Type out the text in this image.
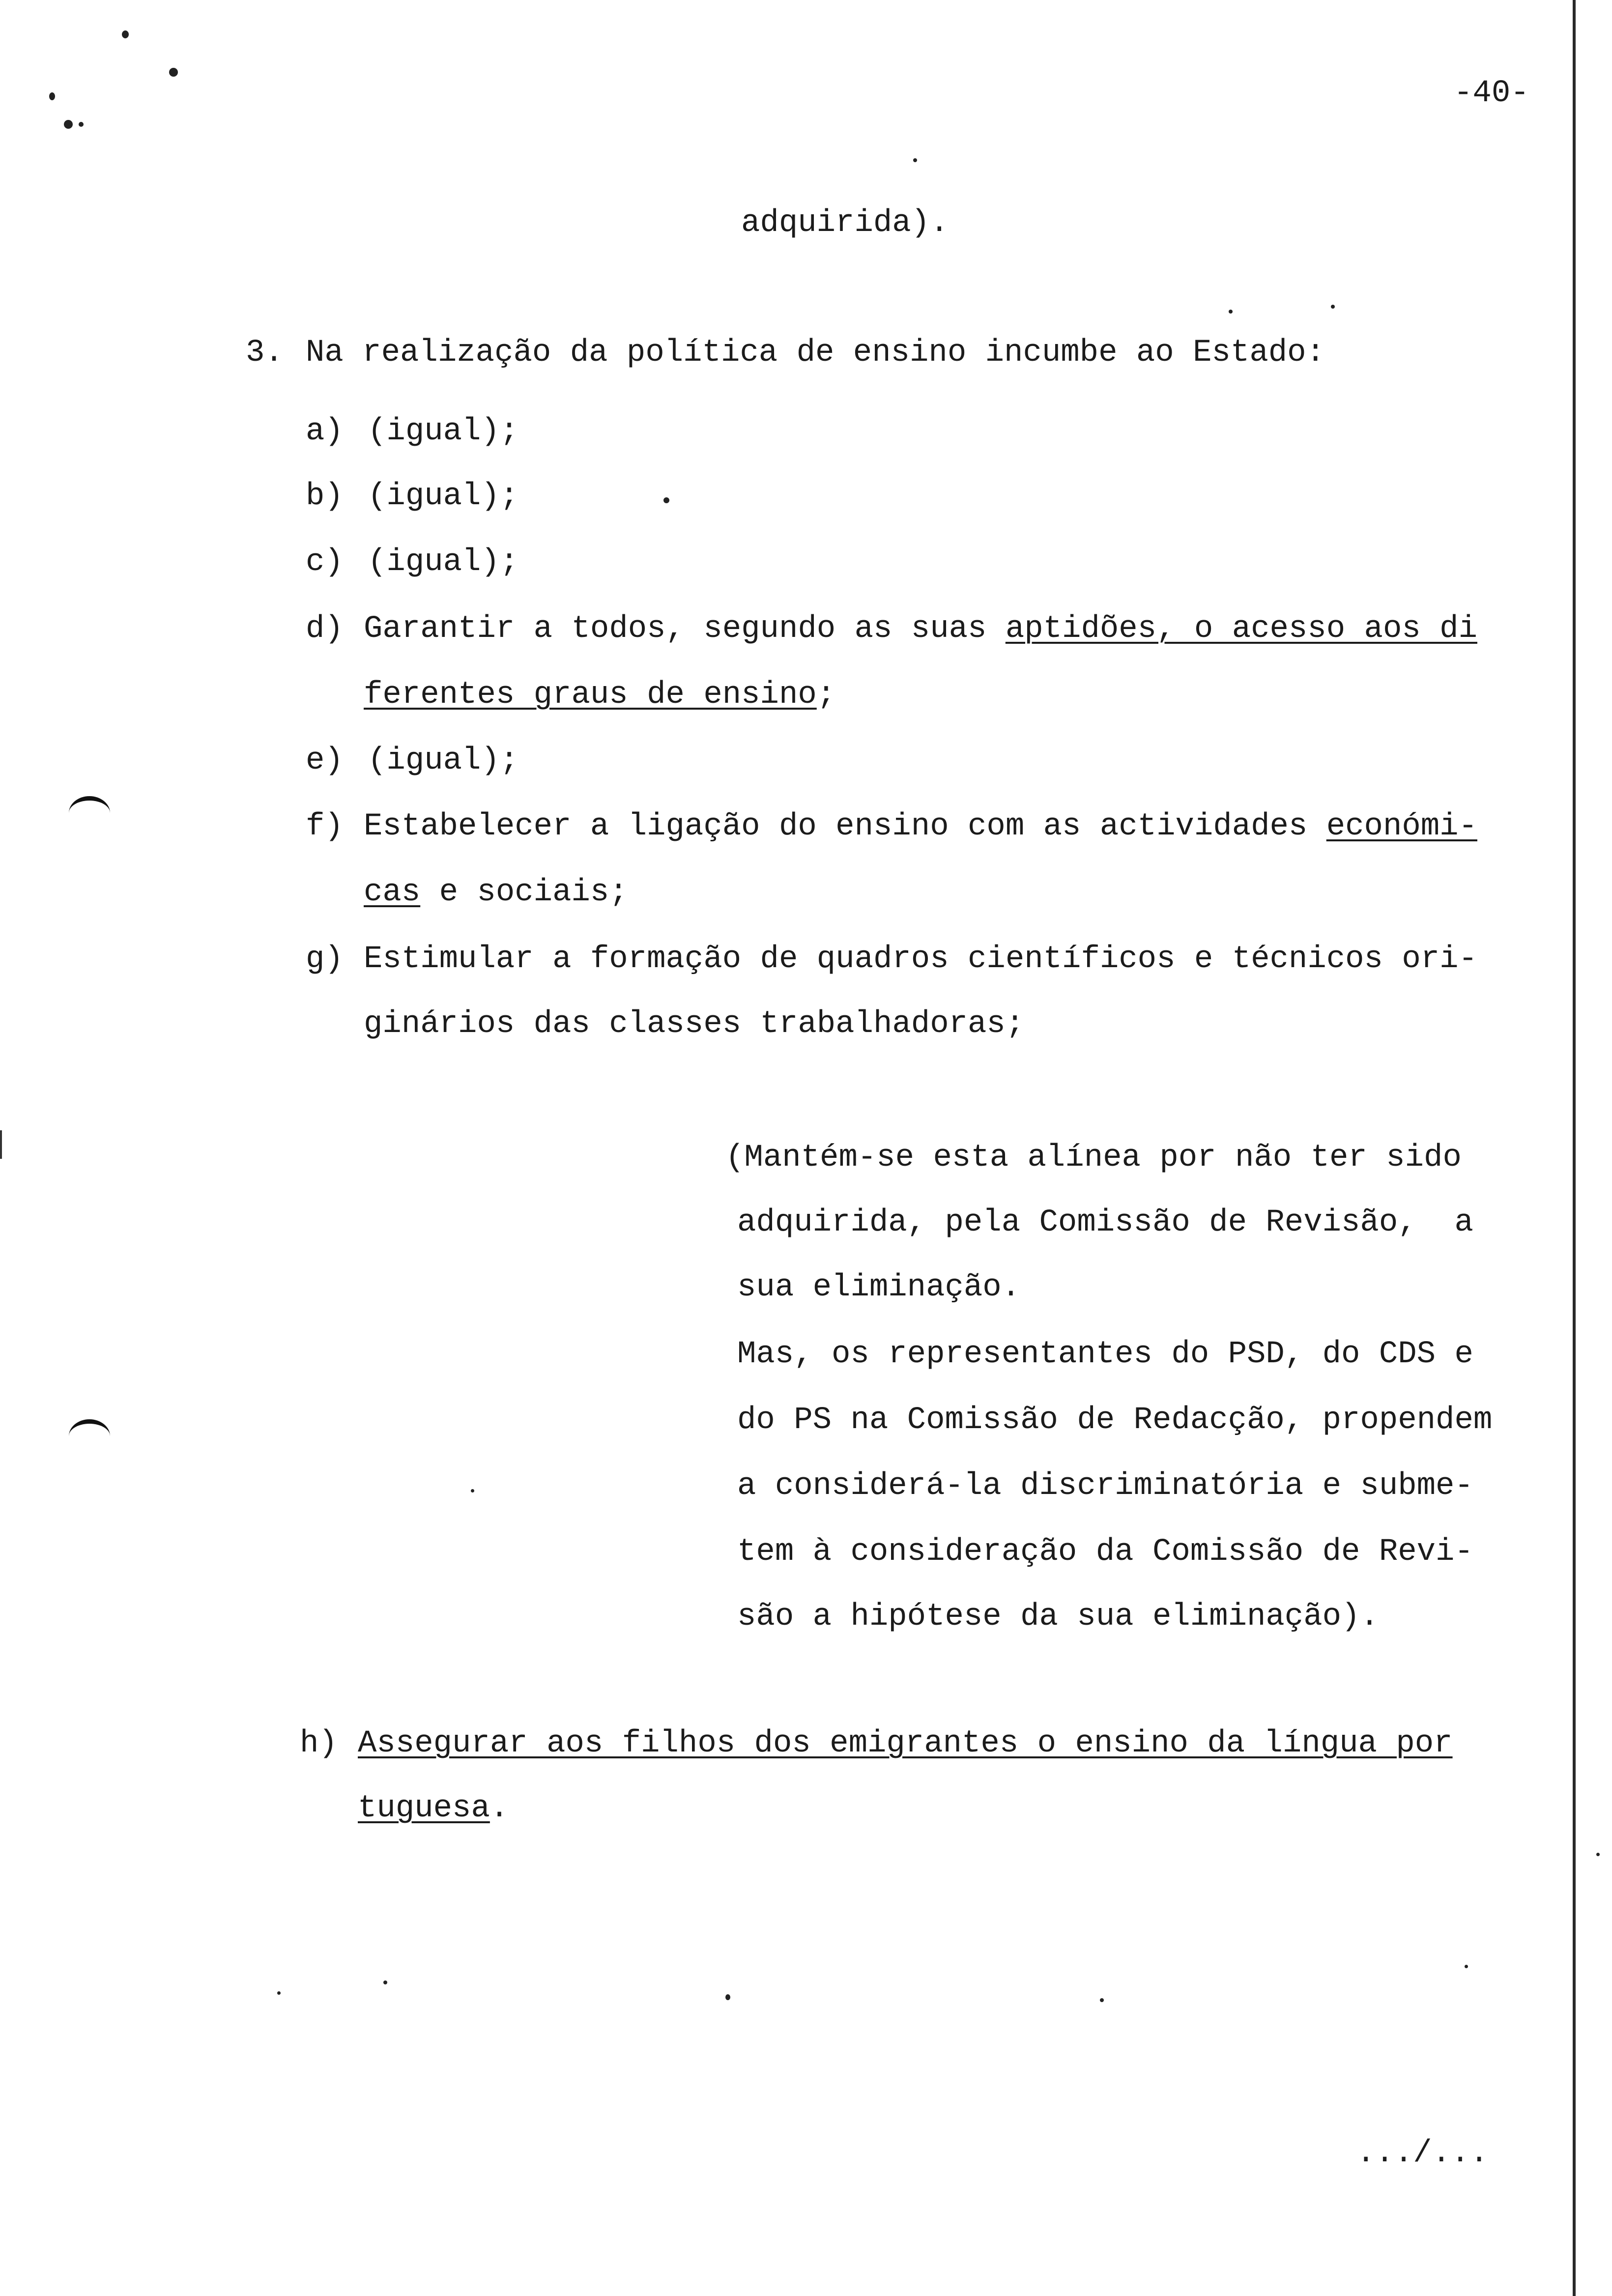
-40-

adquirida).

3. Na realização da política de ensino incumbe ao Estado:

a) (igual);

b) (igual);

c) (igual);

d) Garantir a todos, segundo as suas aptidões, o acesso aos di

ferentes graus de ensino;

e) (igual);

f) Estabelecer a ligação do ensino com as actividades económi-

cas e sociais;

g) Estimular a formação de quadros científicos e técnicos ori-

ginários das classes trabalhadoras;

(Mantém-se esta alínea por não ter sido

adquirida, pela Comissão de Revisão,  a

sua eliminação.

Mas, os representantes do PSD, do CDS e

do PS na Comissão de Redacção, propendem

a considerá-la discriminatória e subme-

tem à consideração da Comissão de Revi-

são a hipótese da sua eliminação).

h) Assegurar aos filhos dos emigrantes o ensino da língua por

tuguesa.

.../...
